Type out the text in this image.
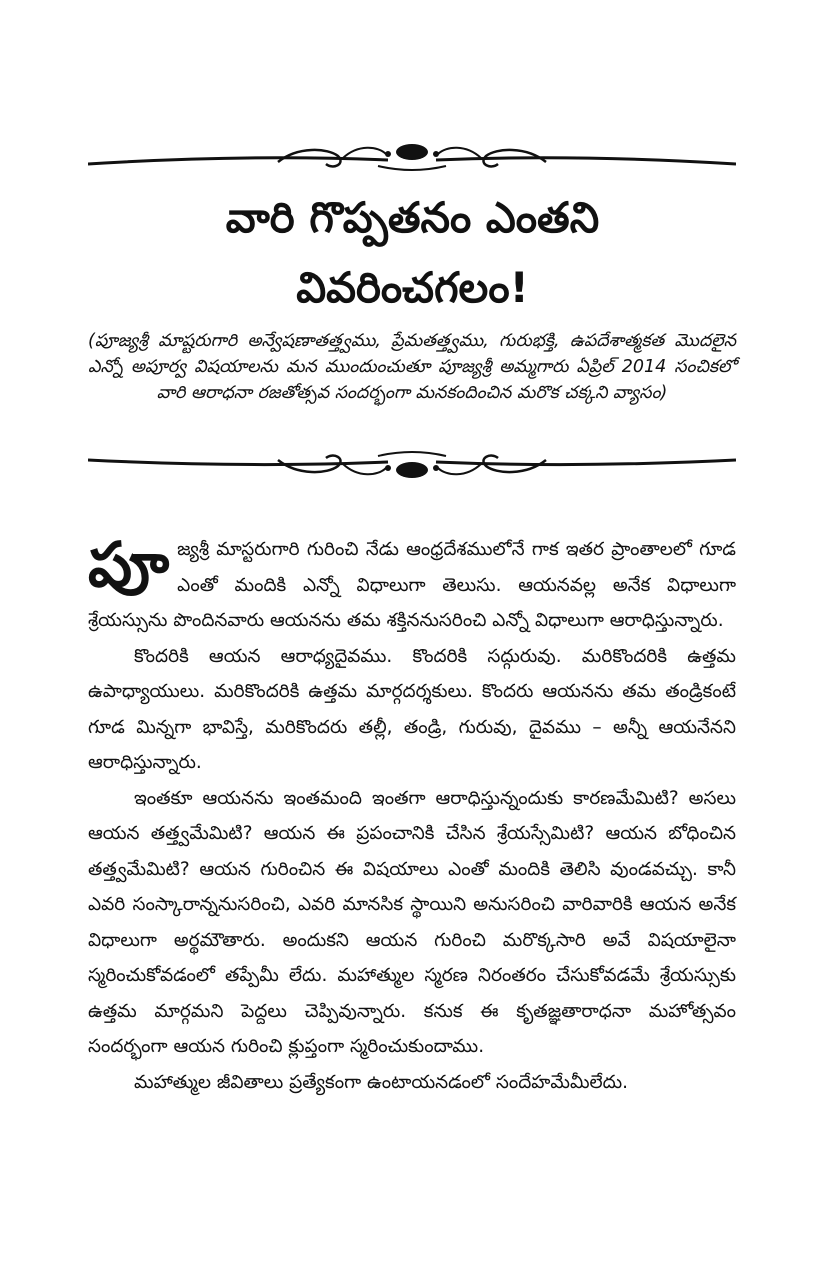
వారి గొప్పతనం ఎంతని
వివరించగలం!

(పూజ్యశ్రీ మాష్టరుగారి అన్వేషణాతత్త్వము, ప్రేమతత్త్వము, గురుభక్తి, ఉపదేశాత్మకత మొదలైన ఎన్నో అపూర్వ విషయాలను మన ముందుంచుతూ పూజ్యశ్రీ అమ్మగారు ఏప్రిల్ 2014 సంచికలో వారి ఆరాధనా రజతోత్సవ సందర్భంగా మనకందించిన మరొక చక్కని వ్యాసం)

పూ జ్యశ్రీ మాస్టరుగారి గురించి నేడు ఆంధ్రదేశములోనే గాక ఇతర ప్రాంతాలలో గూడ ఎంతో మందికి ఎన్నో విధాలుగా తెలుసు. ఆయనవల్ల అనేక విధాలుగా శ్రేయస్సును పొందినవారు ఆయనను తమ శక్తిననుసరించి ఎన్నో విధాలుగా ఆరాధిస్తున్నారు.

కొందరికి ఆయన ఆరాధ్యదైవము. కొందరికి సద్గురువు. మరికొందరికి ఉత్తమ ఉపాధ్యాయులు. మరికొందరికి ఉత్తమ మార్గదర్శకులు. కొందరు ఆయనను తమ తండ్రికంటే గూడ మిన్నగా భావిస్తే, మరికొందరు తల్లీ, తండ్రి, గురువు, దైవము – అన్నీ ఆయనేనని ఆరాధిస్తున్నారు.

ఇంతకూ ఆయనను ఇంతమంది ఇంతగా ఆరాధిస్తున్నందుకు కారణమేమిటి? అసలు ఆయన తత్త్వమేమిటి? ఆయన ఈ ప్రపంచానికి చేసిన శ్రేయస్సేమిటి? ఆయన బోధించిన తత్త్వమేమిటి? ఆయన గురించిన ఈ విషయాలు ఎంతో మందికి తెలిసి వుండవచ్చు. కానీ ఎవరి సంస్కారాన్ననుసరించి, ఎవరి మానసిక స్థాయిని అనుసరించి వారివారికి ఆయన అనేక విధాలుగా అర్థమౌతారు. అందుకని ఆయన గురించి మరొక్కసారి అవే విషయాలైనా స్మరించుకోవడంలో తప్పేమీ లేదు. మహాత్ముల స్మరణ నిరంతరం చేసుకోవడమే శ్రేయస్సుకు ఉత్తమ మార్గమని పెద్దలు చెప్పివున్నారు. కనుక ఈ కృతజ్ఞతారాధనా మహోత్సవం సందర్భంగా ఆయన గురించి క్లుప్తంగా స్మరించుకుందాము.

మహాత్ముల జీవితాలు ప్రత్యేకంగా ఉంటాయనడంలో సందేహమేమీలేదు.
